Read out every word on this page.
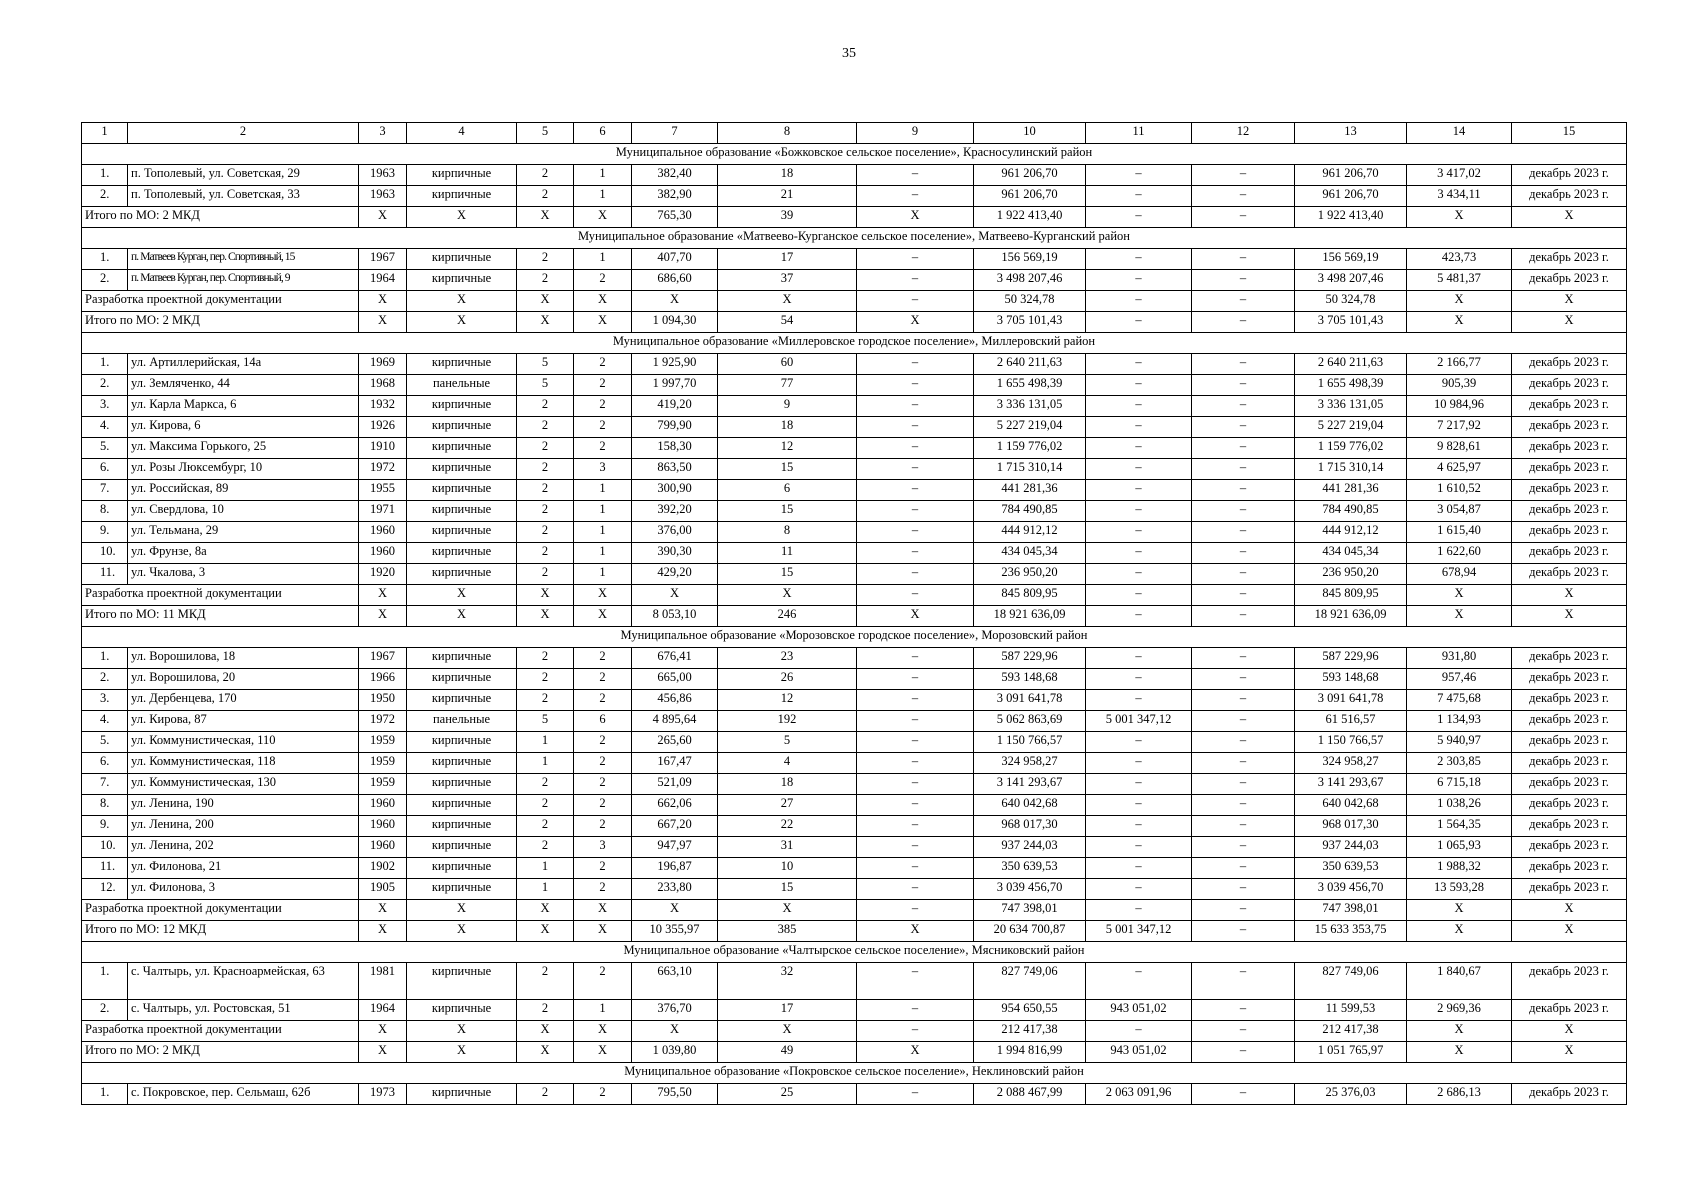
35
1	2	3	4	5	6	7	8	9	10	11	12	13	14	15
Муниципальное образование «Божковское сельское поселение», Красносулинский район														
1.	п. Тополевый, ул. Советская, 29	1963	кирпичные	2	1	382,40	18	–	961 206,70	–	–	961 206,70	3 417,02	декабрь 2023 г.
2.	п. Тополевый, ул. Советская, 33	1963	кирпичные	2	1	382,90	21	–	961 206,70	–	–	961 206,70	3 434,11	декабрь 2023 г.
Итого по МО: 2 МКД		X	X	X	X	765,30	39	X	1 922 413,40	–	–	1 922 413,40	X	X
Муниципальное образование «Матвеево-Курганское сельское поселение», Матвеево-Курганский район														
1.	п. Матвеев Курган, пер. Спортивный, 15	1967	кирпичные	2	1	407,70	17	–	156 569,19	–	–	156 569,19	423,73	декабрь 2023 г.
2.	п. Матвеев Курган, пер. Спортивный, 9	1964	кирпичные	2	2	686,60	37	–	3 498 207,46	–	–	3 498 207,46	5 481,37	декабрь 2023 г.
Разработка проектной документации		X	X	X	X	X	X	–	50 324,78	–	–	50 324,78	X	X
Итого по МО: 2 МКД		X	X	X	X	1 094,30	54	X	3 705 101,43	–	–	3 705 101,43	X	X
Муниципальное образование «Миллеровское городское поселение», Миллеровский район														
1.	ул. Артиллерийская, 14а	1969	кирпичные	5	2	1 925,90	60	–	2 640 211,63	–	–	2 640 211,63	2 166,77	декабрь 2023 г.
2.	ул. Земляченко, 44	1968	панельные	5	2	1 997,70	77	–	1 655 498,39	–	–	1 655 498,39	905,39	декабрь 2023 г.
3.	ул. Карла Маркса, 6	1932	кирпичные	2	2	419,20	9	–	3 336 131,05	–	–	3 336 131,05	10 984,96	декабрь 2023 г.
4.	ул. Кирова, 6	1926	кирпичные	2	2	799,90	18	–	5 227 219,04	–	–	5 227 219,04	7 217,92	декабрь 2023 г.
5.	ул. Максима Горького, 25	1910	кирпичные	2	2	158,30	12	–	1 159 776,02	–	–	1 159 776,02	9 828,61	декабрь 2023 г.
6.	ул. Розы Люксембург, 10	1972	кирпичные	2	3	863,50	15	–	1 715 310,14	–	–	1 715 310,14	4 625,97	декабрь 2023 г.
7.	ул. Российская, 89	1955	кирпичные	2	1	300,90	6	–	441 281,36	–	–	441 281,36	1 610,52	декабрь 2023 г.
8.	ул. Свердлова, 10	1971	кирпичные	2	1	392,20	15	–	784 490,85	–	–	784 490,85	3 054,87	декабрь 2023 г.
9.	ул. Тельмана, 29	1960	кирпичные	2	1	376,00	8	–	444 912,12	–	–	444 912,12	1 615,40	декабрь 2023 г.
10.	ул. Фрунзе, 8а	1960	кирпичные	2	1	390,30	11	–	434 045,34	–	–	434 045,34	1 622,60	декабрь 2023 г.
11.	ул. Чкалова, 3	1920	кирпичные	2	1	429,20	15	–	236 950,20	–	–	236 950,20	678,94	декабрь 2023 г.
Разработка проектной документации		X	X	X	X	X	X	–	845 809,95	–	–	845 809,95	X	X
Итого по МО: 11 МКД		X	X	X	X	8 053,10	246	X	18 921 636,09	–	–	18 921 636,09	X	X
Муниципальное образование «Морозовское городское поселение», Морозовский район														
1.	ул. Ворошилова, 18	1967	кирпичные	2	2	676,41	23	–	587 229,96	–	–	587 229,96	931,80	декабрь 2023 г.
2.	ул. Ворошилова, 20	1966	кирпичные	2	2	665,00	26	–	593 148,68	–	–	593 148,68	957,46	декабрь 2023 г.
3.	ул. Дербенцева, 170	1950	кирпичные	2	2	456,86	12	–	3 091 641,78	–	–	3 091 641,78	7 475,68	декабрь 2023 г.
4.	ул. Кирова, 87	1972	панельные	5	6	4 895,64	192	–	5 062 863,69	5 001 347,12	–	61 516,57	1 134,93	декабрь 2023 г.
5.	ул. Коммунистическая, 110	1959	кирпичные	1	2	265,60	5	–	1 150 766,57	–	–	1 150 766,57	5 940,97	декабрь 2023 г.
6.	ул. Коммунистическая, 118	1959	кирпичные	1	2	167,47	4	–	324 958,27	–	–	324 958,27	2 303,85	декабрь 2023 г.
7.	ул. Коммунистическая, 130	1959	кирпичные	2	2	521,09	18	–	3 141 293,67	–	–	3 141 293,67	6 715,18	декабрь 2023 г.
8.	ул. Ленина, 190	1960	кирпичные	2	2	662,06	27	–	640 042,68	–	–	640 042,68	1 038,26	декабрь 2023 г.
9.	ул. Ленина, 200	1960	кирпичные	2	2	667,20	22	–	968 017,30	–	–	968 017,30	1 564,35	декабрь 2023 г.
10.	ул. Ленина, 202	1960	кирпичные	2	3	947,97	31	–	937 244,03	–	–	937 244,03	1 065,93	декабрь 2023 г.
11.	ул. Филонова, 21	1902	кирпичные	1	2	196,87	10	–	350 639,53	–	–	350 639,53	1 988,32	декабрь 2023 г.
12.	ул. Филонова, 3	1905	кирпичные	1	2	233,80	15	–	3 039 456,70	–	–	3 039 456,70	13 593,28	декабрь 2023 г.
Разработка проектной документации		X	X	X	X	X	X	–	747 398,01	–	–	747 398,01	X	X
Итого по МО: 12 МКД		X	X	X	X	10 355,97	385	X	20 634 700,87	5 001 347,12	–	15 633 353,75	X	X
Муниципальное образование «Чалтырское сельское поселение», Мясниковский район														
1.	с. Чалтырь, ул. Красноармейская, 63	1981	кирпичные	2	2	663,10	32	–	827 749,06	–	–	827 749,06	1 840,67	декабрь 2023 г.
2.	с. Чалтырь, ул. Ростовская, 51	1964	кирпичные	2	1	376,70	17	–	954 650,55	943 051,02	–	11 599,53	2 969,36	декабрь 2023 г.
Разработка проектной документации		X	X	X	X	X	X	–	212 417,38	–	–	212 417,38	X	X
Итого по МО: 2 МКД		X	X	X	X	1 039,80	49	X	1 994 816,99	943 051,02	–	1 051 765,97	X	X
Муниципальное образование «Покровское сельское поселение», Неклиновский район														
1.	с. Покровское, пер. Сельмаш, 62б	1973	кирпичные	2	2	795,50	25	–	2 088 467,99	2 063 091,96	–	25 376,03	2 686,13	декабрь 2023 г.
